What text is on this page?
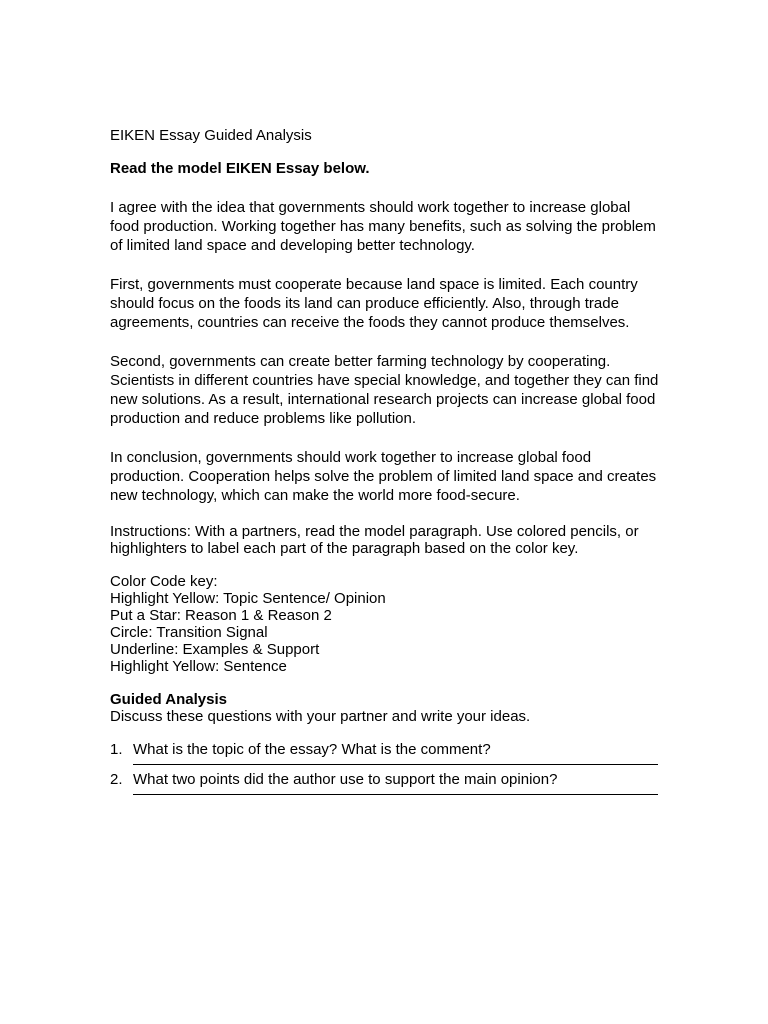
EIKEN Essay Guided Analysis
Read the model EIKEN Essay below.

I agree with the idea that governments should work together to increase global food production. Working together has many benefits, such as solving the problem of limited land space and developing better technology.

First, governments must cooperate because land space is limited. Each country should focus on the foods its land can produce efficiently. Also, through trade agreements, countries can receive the foods they cannot produce themselves.

Second, governments can create better farming technology by cooperating. Scientists in different countries have special knowledge, and together they can find new solutions. As a result, international research projects can increase global food production and reduce problems like pollution.

In conclusion, governments should work together to increase global food production. Cooperation helps solve the problem of limited land space and creates new technology, which can make the world more food-secure.

Instructions: With a partners, read the model paragraph. Use colored pencils, or highlighters to label each part of the paragraph based on the color key.
Color Code key:
Highlight Yellow: Topic Sentence/ Opinion
Put a Star: Reason 1 & Reason 2
Circle: Transition Signal
Underline: Examples & Support
Highlight Yellow: Sentence
Guided Analysis
Discuss these questions with your partner and write your ideas.
1. What is the topic of the essay? What is the comment?
2. What two points did the author use to support the main opinion?
